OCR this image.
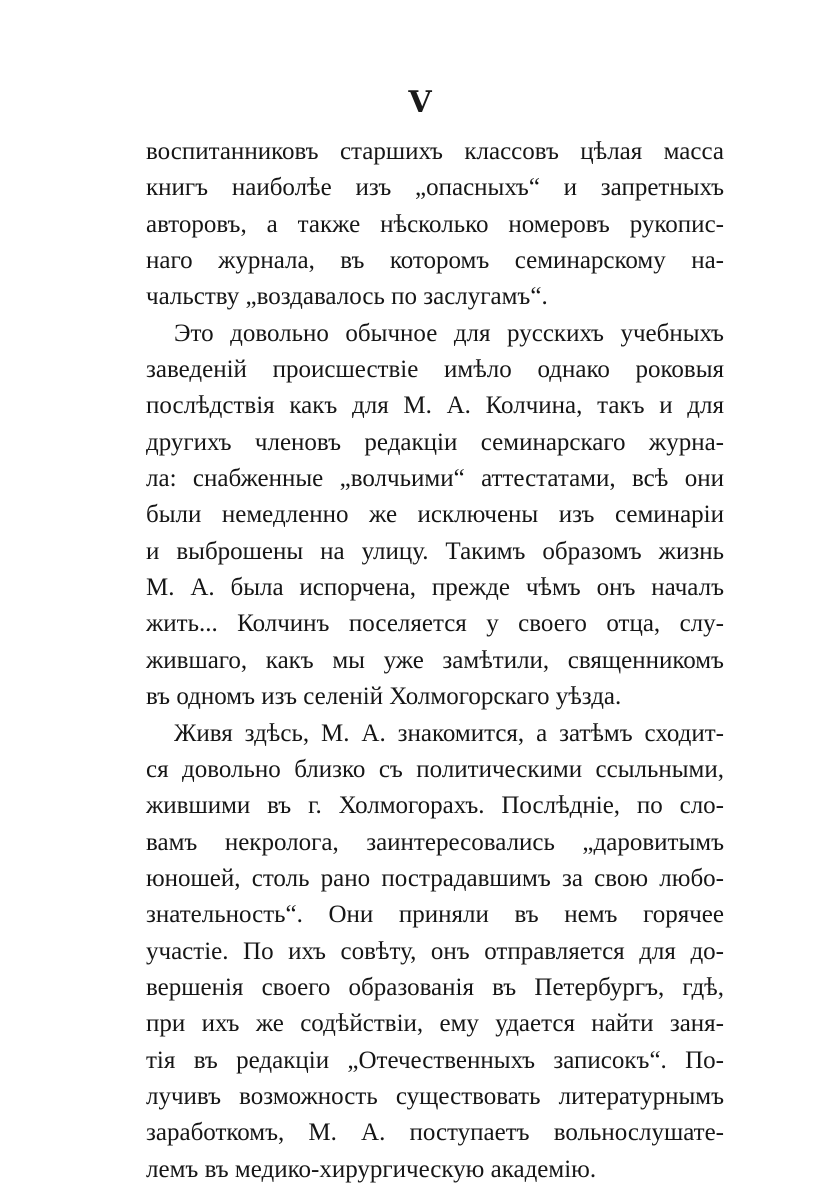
V
воспитанниковъ старшихъ классовъ цѣлая масса
книгъ наиболѣе изъ „опасныхъ“ и запретныхъ
авторовъ, а также нѣсколько номеровъ рукопис-
наго журнала, въ которомъ семинарскому на-
чальству „воздавалось по заслугамъ“.
Это довольно обычное для русскихъ учебныхъ
заведеній происшествіе имѣло однако роковыя
послѣдствія какъ для М. А. Колчина, такъ и для
другихъ членовъ редакціи семинарскаго журна-
ла: снабженные „волчьими“ аттестатами, всѣ они
были немедленно же исключены изъ семинаріи
и выброшены на улицу. Такимъ образомъ жизнь
М. А. была испорчена, прежде чѣмъ онъ началъ
жить... Колчинъ поселяется у своего отца, слу-
жившаго, какъ мы уже замѣтили, священникомъ
въ одномъ изъ селеній Холмогорскаго уѣзда.
Живя здѣсь, М. А. знакомится, а затѣмъ сходит-
ся довольно близко съ политическими ссыльными,
жившими въ г. Холмогорахъ. Послѣдніе, по сло-
вамъ некролога, заинтересовались „даровитымъ
юношей, столь рано пострадавшимъ за свою любо-
знательность“. Они приняли въ немъ горячее
участіе. По ихъ совѣту, онъ отправляется для до-
вершенія своего образованія въ Петербургъ, гдѣ,
при ихъ же содѣйствіи, ему удается найти заня-
тія въ редакціи „Отечественныхъ записокъ“. По-
лучивъ возможность существовать литературнымъ
заработкомъ, М. А. поступаетъ вольнослушате-
лемъ въ медико-хирургическую академію.
